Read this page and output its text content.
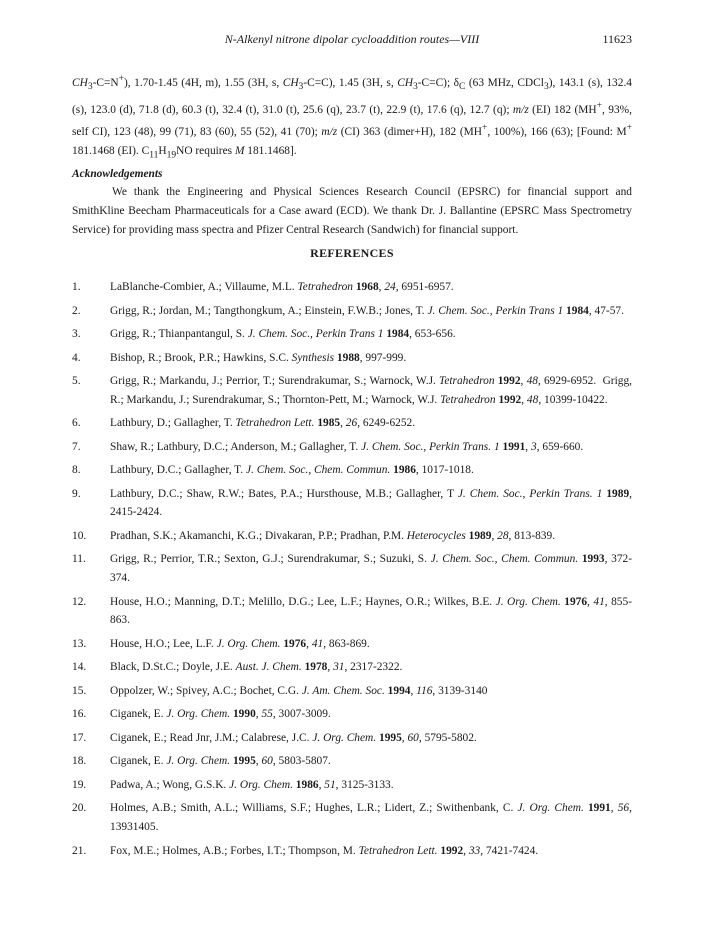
N-Alkenyl nitrone dipolar cycloaddition routes—VIII	11623

$CH_3-C=N^+$), 1.70-1.45 (4H, m), 1.55 (3H, s, $CH_3-C=C$), 1.45 (3H, s, $CH_3-C=C$); $\delta_C$ (63 MHz, CDCl$_3$), 143.1 (s), 132.4 (s), 123.0 (d), 71.8 (d), 60.3 (t), 32.4 (t), 31.0 (t), 25.6 (q), 23.7 (t), 22.9 (t), 17.6 (q), 12.7 (q); m/z (EI) 182 (MH+, 93%, self CI), 123 (48), 99 (71), 83 (60), 55 (52), 41 (70); m/z (CI) 363 (dimer+H), 182 (MH+, 100%), 166 (63); [Found: M+ 181.1468 (EI). $C_{11}H_{19}NO$ requires M 181.1468].

Acknowledgements

We thank the Engineering and Physical Sciences Research Council (EPSRC) for financial support and SmithKline Beecham Pharmaceuticals for a Case award (ECD). We thank Dr. J. Ballantine (EPSRC Mass Spectrometry Service) for providing mass spectra and Pfizer Central Research (Sandwich) for financial support.

REFERENCES
1.	LaBlanche-Combier, A.; Villaume, M.L. Tetrahedron 1968, 24, 6951-6957.
2.	Grigg, R.; Jordan, M.; Tangthongkum, A.; Einstein, F.W.B.; Jones, T. J. Chem. Soc., Perkin Trans 1 1984, 47-57.
3.	Grigg, R.; Thianpantangul, S. J. Chem. Soc., Perkin Trans 1 1984, 653-656.
4.	Bishop, R.; Brook, P.R.; Hawkins, S.C. Synthesis 1988, 997-999.
5.	Grigg, R.; Markandu, J.; Perrior, T.; Surendrakumar, S.; Warnock, W.J. Tetrahedron 1992, 48, 6929-6952.  Grigg, R.; Markandu, J.; Surendrakumar, S.; Thornton-Pett, M.; Warnock, W.J. Tetrahedron 1992, 48, 10399-10422.
6.	Lathbury, D.; Gallagher, T. Tetrahedron Lett. 1985, 26, 6249-6252.
7.	Shaw, R.; Lathbury, D.C.; Anderson, M.; Gallagher, T. J. Chem. Soc., Perkin Trans. 1 1991, 3, 659-660.
8.	Lathbury, D.C.; Gallagher, T. J. Chem. Soc., Chem. Commun. 1986, 1017-1018.
9.	Lathbury, D.C.; Shaw, R.W.; Bates, P.A.; Hursthouse, M.B.; Gallagher, T J. Chem. Soc., Perkin Trans. 1 1989, 2415-2424.
10.	Pradhan, S.K.; Akamanchi, K.G.; Divakaran, P.P.; Pradhan, P.M. Heterocycles 1989, 28, 813-839.
11.	Grigg, R.; Perrior, T.R.; Sexton, G.J.; Surendrakumar, S.; Suzuki, S. J. Chem. Soc., Chem. Commun. 1993, 372-374.
12.	House, H.O.; Manning, D.T.; Melillo, D.G.; Lee, L.F.; Haynes, O.R.; Wilkes, B.E. J. Org. Chem. 1976, 41, 855-863.
13.	House, H.O.; Lee, L.F. J. Org. Chem. 1976, 41, 863-869.
14.	Black, D.St.C.; Doyle, J.E. Aust. J. Chem. 1978, 31, 2317-2322.
15.	Oppolzer, W.; Spivey, A.C.; Bochet, C.G. J. Am. Chem. Soc. 1994, 116, 3139-3140
16.	Ciganek, E. J. Org. Chem. 1990, 55, 3007-3009.
17.	Ciganek, E.; Read Jnr, J.M.; Calabrese, J.C. J. Org. Chem. 1995, 60, 5795-5802.
18.	Ciganek, E. J. Org. Chem. 1995, 60, 5803-5807.
19.	Padwa, A.; Wong, G.S.K. J. Org. Chem. 1986, 51, 3125-3133.
20.	Holmes, A.B.; Smith, A.L.; Williams, S.F.; Hughes, L.R.; Lidert, Z.; Swithenbank, C. J. Org. Chem. 1991, 56, 13931405.
21.	Fox, M.E.; Holmes, A.B.; Forbes, I.T.; Thompson, M. Tetrahedron Lett. 1992, 33, 7421-7424.
